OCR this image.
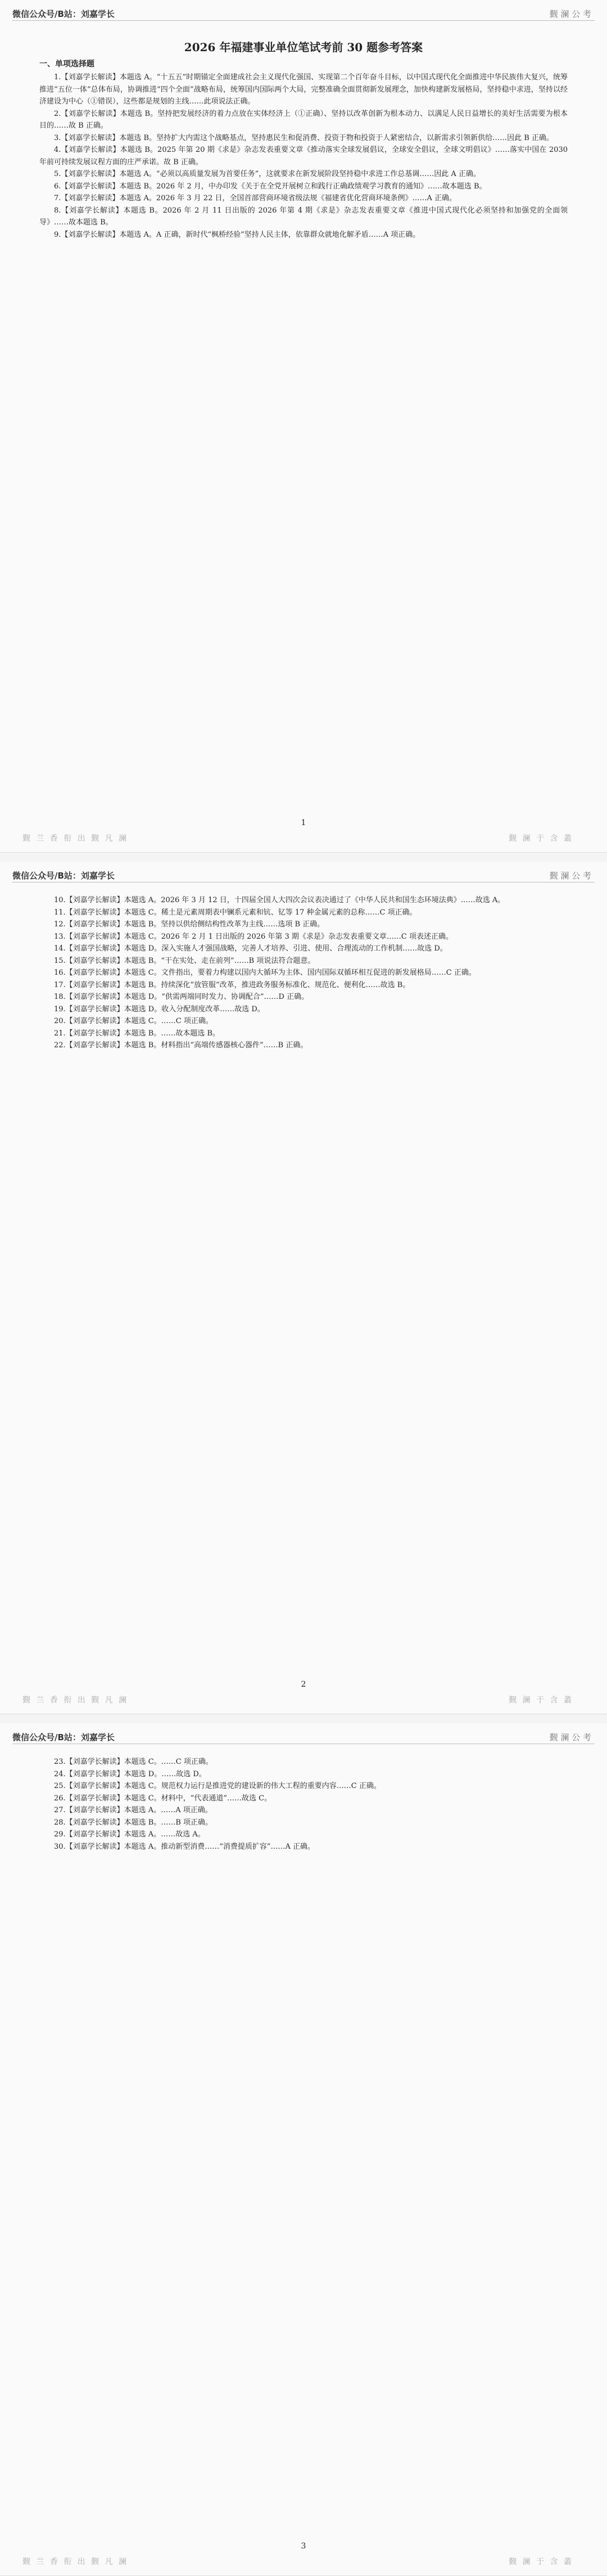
微信公众号/B站：刘嘉学长	觐 澜 公 考
2026 年福建事业单位笔试考前 30 题参考答案
一、单项选择题

1.【刘嘉学长解读】本题选 A。“十五五”时期锚定全面建成社会主义现代化强国、实现第二个百年奋斗目标，以中国式现代化全面推进中华民族伟大复兴，统筹推进“五位一体”总体布局，协调推进“四个全面”战略布局，统筹国内国际两个大局，完整准确全面贯彻新发展理念，加快构建新发展格局，坚持稳中求进，坚持以经济建设为中心（①错误），这些都是规划的主线……此项说法正确。

2.【刘嘉学长解读】本题选 B。坚持把发展经济的着力点放在实体经济上（①正确）、坚持以改革创新为根本动力、以满足人民日益增长的美好生活需要为根本目的……故 B 正确。

3.【刘嘉学长解读】本题选 B。坚持扩大内需这个战略基点，坚持惠民生和促消费、投资于物和投资于人紧密结合，以新需求引领新供给……因此 B 正确。

4.【刘嘉学长解读】本题选 B。2025 年第 20 期《求是》杂志发表重要文章《推动落实全球发展倡议，全球安全倡议，全球文明倡议》……落实中国在 2030 年前可持续发展议程方面的庄严承诺。故 B 正确。

5.【刘嘉学长解读】本题选 A。“必须以高质量发展为首要任务”，这就要求在新发展阶段坚持稳中求进工作总基调……因此 A 正确。

6.【刘嘉学长解读】本题选 B。2026 年 2 月，中办印发《关于在全党开展树立和践行正确政绩观学习教育的通知》……故本题选 B。

7.【刘嘉学长解读】本题选 A。2026 年 3 月 22 日，全国首部营商环境省级法规《福建省优化营商环境条例》……A 正确。

8.【刘嘉学长解读】本题选 B。2026 年 2 月 11 日出版的 2026 年第 4 期《求是》杂志发表重要文章《推进中国式现代化必须坚持和加强党的全面领导》……故本题选 B。

9.【刘嘉学长解读】本题选 A。A 正确，新时代“枫桥经验”坚持人民主体，依靠群众就地化解矛盾……A 项正确。

1
觐 兰 香 衔 出 觐 凡 澜	觐 澜 于 含 叢
微信公众号/B站：刘嘉学长	觐 澜 公 考

10.【刘嘉学长解读】本题选 A。2026 年 3 月 12 日，十四届全国人大四次会议表决通过了《中华人民共和国生态环境法典》……故选 A。

11.【刘嘉学长解读】本题选 C。稀土是元素周期表中镧系元素和钪、钇等 17 种金属元素的总称……C 项正确。

12.【刘嘉学长解读】本题选 B。坚持以供给侧结构性改革为主线……选项 B 正确。

13.【刘嘉学长解读】本题选 C。2026 年 2 月 1 日出版的 2026 年第 3 期《求是》杂志发表重要文章……C 项表述正确。

14.【刘嘉学长解读】本题选 D。深入实施人才强国战略，完善人才培养、引进、使用、合理流动的工作机制……故选 D。

15.【刘嘉学长解读】本题选 B。“干在实处、走在前列”……B 项说法符合题意。

16.【刘嘉学长解读】本题选 C。文件指出，要着力构建以国内大循环为主体、国内国际双循环相互促进的新发展格局……C 正确。

17.【刘嘉学长解读】本题选 B。持续深化“放管服”改革，推进政务服务标准化、规范化、便利化……故选 B。

18.【刘嘉学长解读】本题选 D。“供需两端同时发力、协调配合”……D 正确。

19.【刘嘉学长解读】本题选 D。收入分配制度改革……故选 D。

20.【刘嘉学长解读】本题选 C。……C 项正确。

21.【刘嘉学长解读】本题选 B。……故本题选 B。

22.【刘嘉学长解读】本题选 B。材料指出“高端传感器核心器件”……B 正确。

2
觐 兰 香 衔 出 觐 凡 澜	觐 澜 于 含 叢
微信公众号/B站：刘嘉学长	觐 澜 公 考

23.【刘嘉学长解读】本题选 C。……C 项正确。

24.【刘嘉学长解读】本题选 D。……故选 D。

25.【刘嘉学长解读】本题选 C。规范权力运行是推进党的建设新的伟大工程的重要内容……C 正确。

26.【刘嘉学长解读】本题选 C。材料中，“代表通道”……故选 C。

27.【刘嘉学长解读】本题选 A。……A 项正确。

28.【刘嘉学长解读】本题选 B。……B 项正确。

29.【刘嘉学长解读】本题选 A。……故选 A。

30.【刘嘉学长解读】本题选 A。推动新型消费……“消费提质扩容”……A 正确。

3
觐 兰 香 衔 出 觐 凡 澜	觐 澜 于 含 叢
